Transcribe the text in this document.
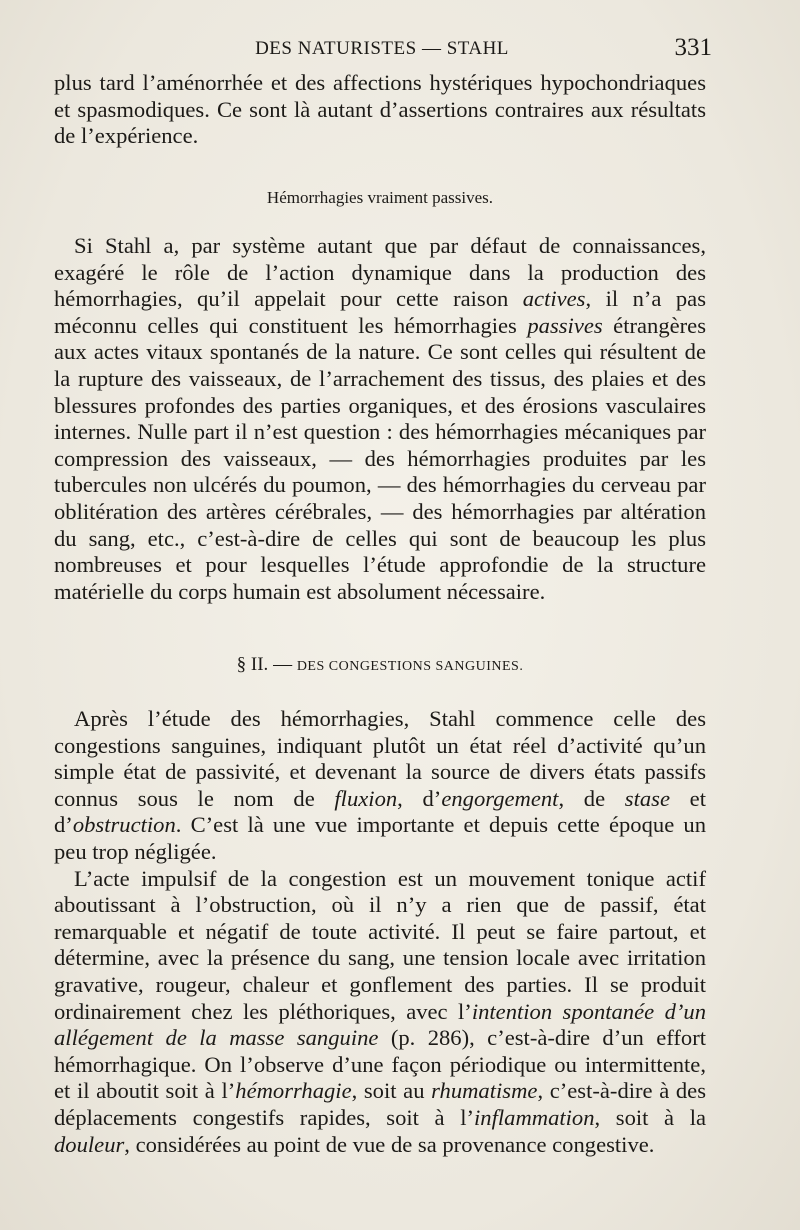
DES NATURISTES — STAHL	331

plus tard l’aménorrhée et des affections hystériques hypochondriaques et spasmodiques. Ce sont là autant d’assertions contraires aux résultats de l’expérience.

Hémorrhagies vraiment passives.

Si Stahl a, par système autant que par défaut de connaissances, exagéré le rôle de l’action dynamique dans la production des hémorrhagies, qu’il appelait pour cette raison actives, il n’a pas méconnu celles qui constituent les hémorrhagies passives étrangères aux actes vitaux spontanés de la nature. Ce sont celles qui résultent de la rupture des vaisseaux, de l’arrachement des tissus, des plaies et des blessures profondes des parties organiques, et des érosions vasculaires internes. Nulle part il n’est question : des hémorrhagies mécaniques par compression des vaisseaux, — des hémorrhagies produites par les tubercules non ulcérés du poumon, — des hémorrhagies du cerveau par oblitération des artères cérébrales, — des hémorrhagies par altération du sang, etc., c’est-à-dire de celles qui sont de beaucoup les plus nombreuses et pour lesquelles l’étude approfondie de la structure matérielle du corps humain est absolument nécessaire.

§ II. — DES CONGESTIONS SANGUINES.

Après l’étude des hémorrhagies, Stahl commence celle des congestions sanguines, indiquant plutôt un état réel d’activité qu’un simple état de passivité, et devenant la source de divers états passifs connus sous le nom de fluxion, d’engorgement, de stase et d’obstruction. C’est là une vue importante et depuis cette époque un peu trop négligée.

L’acte impulsif de la congestion est un mouvement tonique actif aboutissant à l’obstruction, où il n’y a rien que de passif, état remarquable et négatif de toute activité. Il peut se faire partout, et détermine, avec la présence du sang, une tension locale avec irritation gravative, rougeur, chaleur et gonflement des parties. Il se produit ordinairement chez les pléthoriques, avec l’intention spontanée d’un allégement de la masse sanguine (p. 286), c’est-à-dire d’un effort hémorrhagique. On l’observe d’une façon périodique ou intermittente, et il aboutit soit à l’hémorrhagie, soit au rhumatisme, c’est-à-dire à des déplacements congestifs rapides, soit à l’inflammation, soit à la douleur, considérées au point de vue de sa provenance congestive.
